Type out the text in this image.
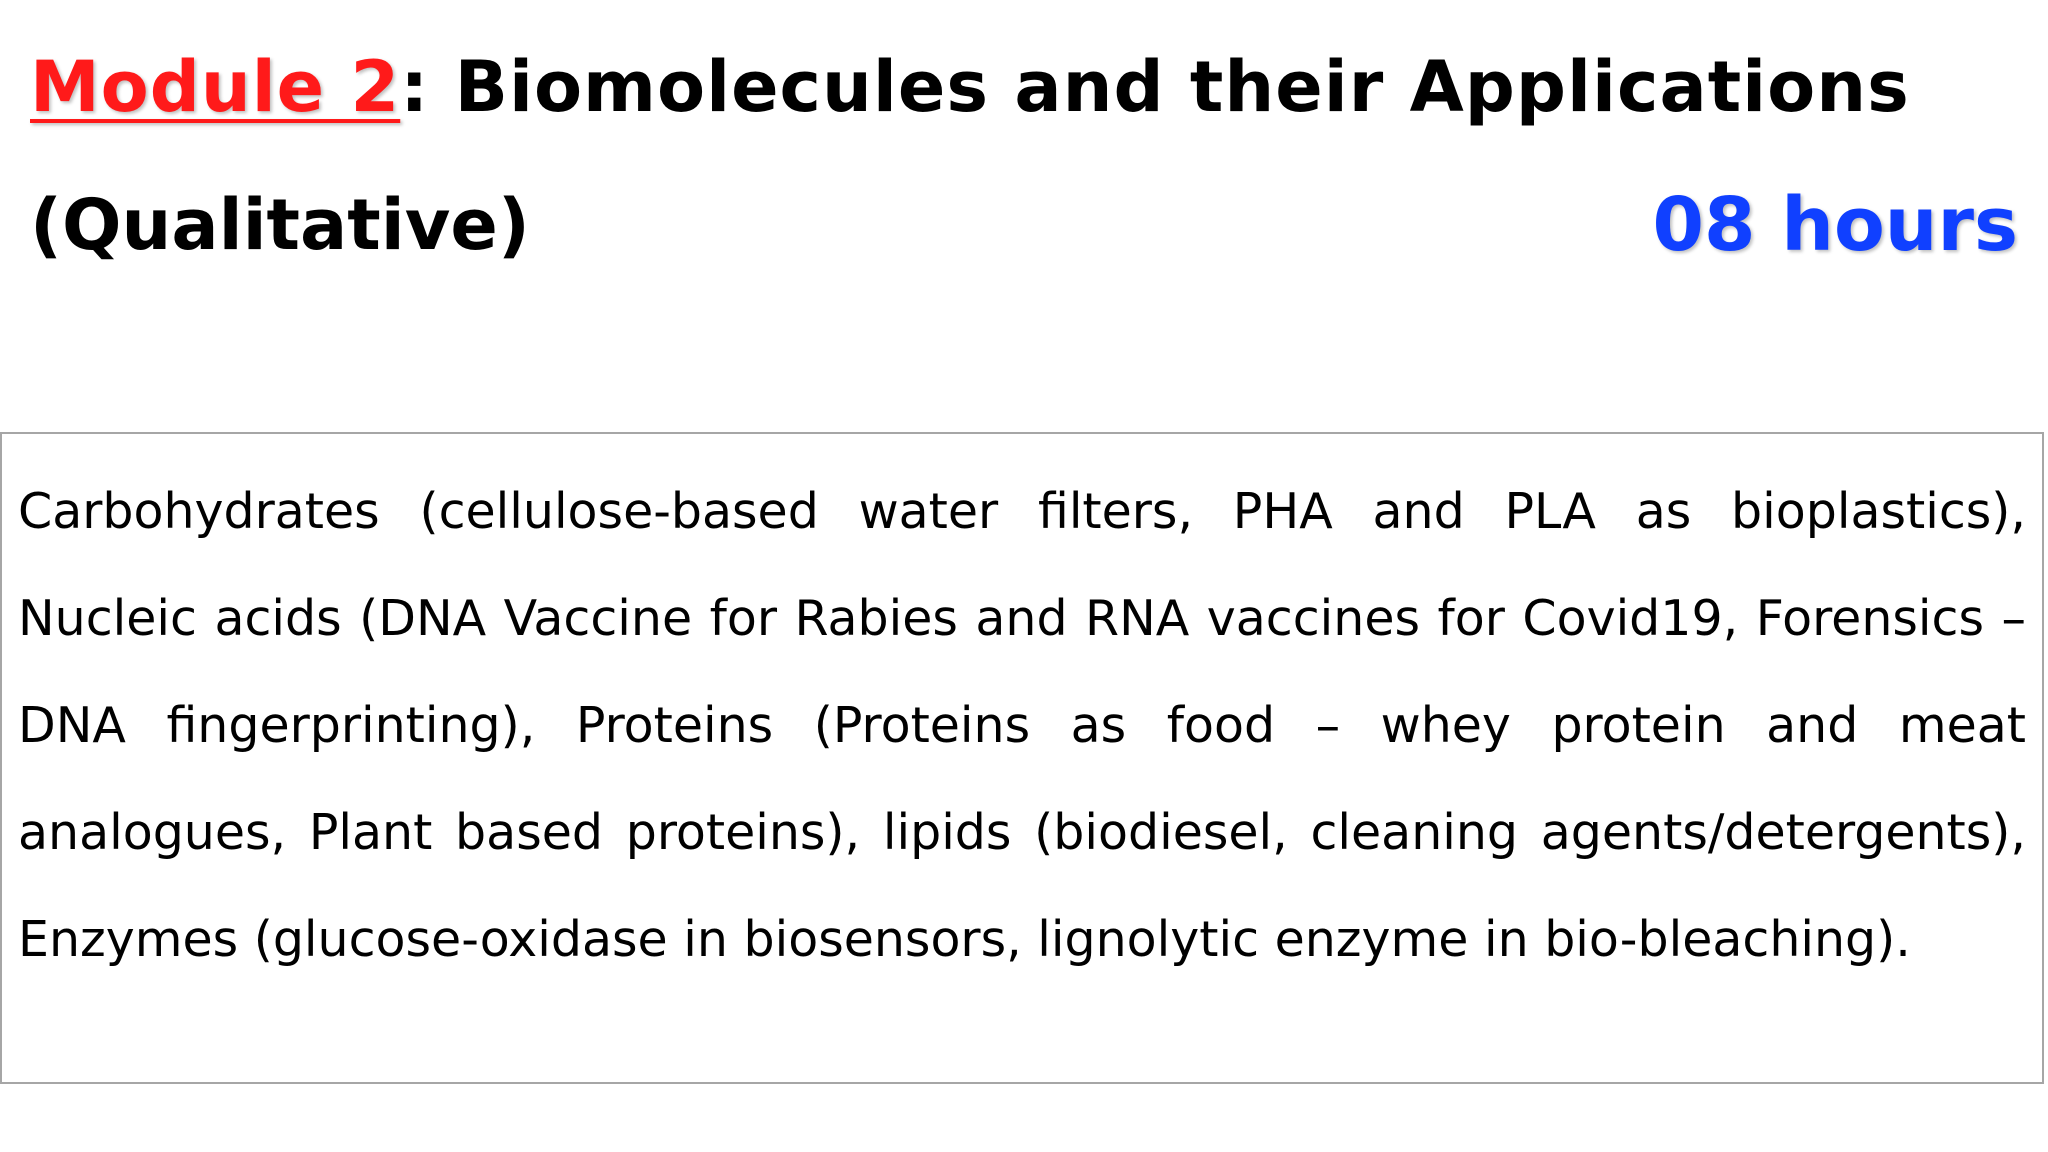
Module 2: Biomolecules and their Applications
(Qualitative)	08 hours

Carbohydrates (cellulose-based water filters, PHA and PLA as bioplastics), Nucleic acids (DNA Vaccine for Rabies and RNA vaccines for Covid19, Forensics – DNA fingerprinting), Proteins (Proteins as food – whey protein and meat analogues, Plant based proteins), lipids (biodiesel, cleaning agents/detergents), Enzymes (glucose-oxidase in biosensors, lignolytic enzyme in bio-bleaching).
